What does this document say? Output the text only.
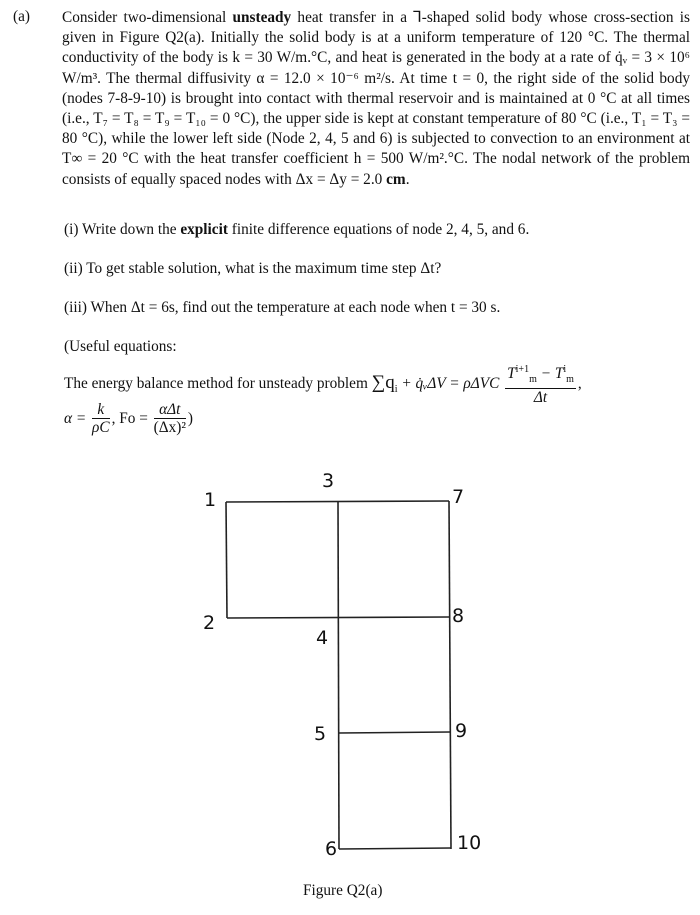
(a) Consider two-dimensional unsteady heat transfer in a ⅂-shaped solid body whose cross-section is given in Figure Q2(a). Initially the solid body is at a uniform temperature of 120 °C. The thermal conductivity of the body is k = 30 W/m.°C, and heat is generated in the body at a rate of q̇ᵥ = 3 × 10⁶ W/m³. The thermal diffusivity α = 12.0 × 10⁻⁶ m²/s. At time t = 0, the right side of the solid body (nodes 7-8-9-10) is brought into contact with thermal reservoir and is maintained at 0 °C at all times (i.e., T₇ = T₈ = T₉ = T₁₀ = 0 °C), the upper side is kept at constant temperature of 80 °C (i.e., T₁ = T₃ = 80 °C), while the lower left side (Node 2, 4, 5 and 6) is subjected to convection to an environment at T∞ = 20 °C with the heat transfer coefficient h = 500 W/m².°C. The nodal network of the problem consists of equally spaced nodes with Δx = Δy = 2.0 cm.
(i) Write down the explicit finite difference equations of node 2, 4, 5, and 6.
(ii) To get stable solution, what is the maximum time step Δt?
(iii) When Δt = 6s, find out the temperature at each node when t = 30 s.
(Useful equations:
The energy balance method for unsteady problem $\sum q_i$ + q̇ᵥΔV = ρΔVC $\frac{T^{i+1}_m - T^i_m}{\Delta t}$ ,
$\alpha = \frac{k}{\rho C}$ , $Fo = \frac{\text{αΔt}}{\text{(Δx)²}}$ )
1
2
3
4
5
6
7
8
9
10
Figure Q2(a)
